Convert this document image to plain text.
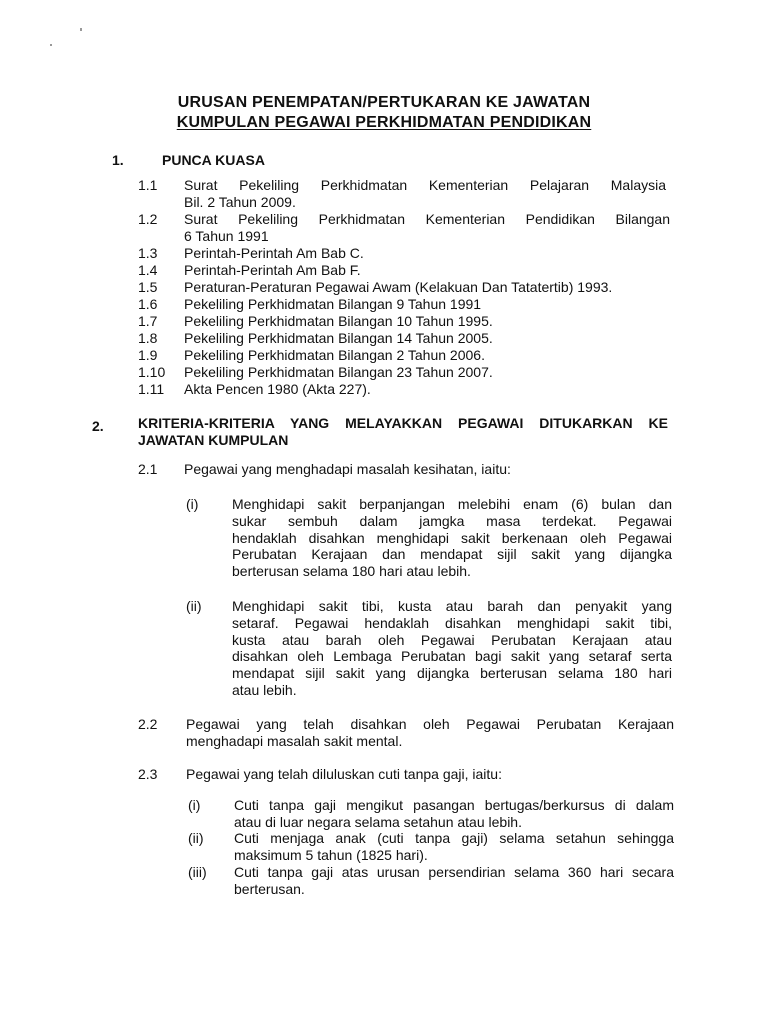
URUSAN PENEMPATAN/PERTUKARAN KE JAWATAN
KUMPULAN PEGAWAI PERKHIDMATAN PENDIDIKAN
1.	PUNCA KUASA
1.1 Surat Pekeliling Perkhidmatan Kementerian Pelajaran Malaysia
Bil. 2 Tahun 2009.
1.2 Surat Pekeliling Perkhidmatan Kementerian Pendidikan Bilangan
6 Tahun 1991
1.3 Perintah-Perintah Am Bab C.
1.4 Perintah-Perintah Am Bab F.
1.5 Peraturan-Peraturan Pegawai Awam (Kelakuan Dan Tatatertib) 1993.
1.6 Pekeliling Perkhidmatan Bilangan 9 Tahun 1991
1.7 Pekeliling Perkhidmatan Bilangan 10 Tahun 1995.
1.8 Pekeliling Perkhidmatan Bilangan 14 Tahun 2005.
1.9 Pekeliling Perkhidmatan Bilangan 2 Tahun 2006.
1.10 Pekeliling Perkhidmatan Bilangan 23 Tahun 2007.
1.11 Akta Pencen 1980 (Akta 227).
2. KRITERIA-KRITERIA YANG MELAYAKKAN PEGAWAI DITUKARKAN KE
JAWATAN KUMPULAN
2.1 Pegawai yang menghadapi masalah kesihatan, iaitu:
(i) Menghidapi sakit berpanjangan melebihi enam (6) bulan dan
sukar sembuh dalam jamgka masa terdekat. Pegawai
hendaklah disahkan menghidapi sakit berkenaan oleh Pegawai
Perubatan Kerajaan dan mendapat sijil sakit yang dijangka
berterusan selama 180 hari atau lebih.
(ii) Menghidapi sakit tibi, kusta atau barah dan penyakit yang
setaraf. Pegawai hendaklah disahkan menghidapi sakit tibi,
kusta atau barah oleh Pegawai Perubatan Kerajaan atau
disahkan oleh Lembaga Perubatan bagi sakit yang setaraf serta
mendapat sijil sakit yang dijangka berterusan selama 180 hari
atau lebih.
2.2 Pegawai yang telah disahkan oleh Pegawai Perubatan Kerajaan
menghadapi masalah sakit mental.
2.3 Pegawai yang telah diluluskan cuti tanpa gaji, iaitu:
(i) Cuti tanpa gaji mengikut pasangan bertugas/berkursus di dalam
atau di luar negara selama setahun atau lebih.
(ii) Cuti menjaga anak (cuti tanpa gaji) selama setahun sehingga
maksimum 5 tahun (1825 hari).
(iii) Cuti tanpa gaji atas urusan persendirian selama 360 hari secara
berterusan.
